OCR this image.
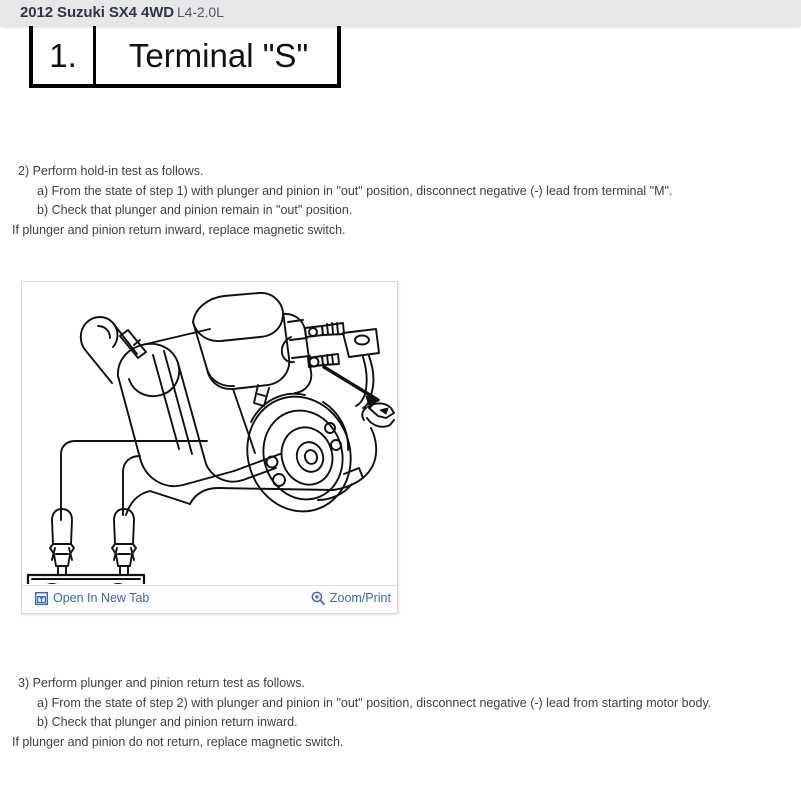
2012 Suzuki SX4 4WD L4-2.0L
1.	Terminal "S"
2) Perform hold-in test as follows.
a) From the state of step 1) with plunger and pinion in "out" position, disconnect negative (-) lead from terminal "M".
b) Check that plunger and pinion remain in "out" position.
If plunger and pinion return inward, replace magnetic switch.
Open In New Tab	Zoom/Print
3) Perform plunger and pinion return test as follows.
a) From the state of step 2) with plunger and pinion in "out" position, disconnect negative (-) lead from starting motor body.
b) Check that plunger and pinion return inward.
If plunger and pinion do not return, replace magnetic switch.
